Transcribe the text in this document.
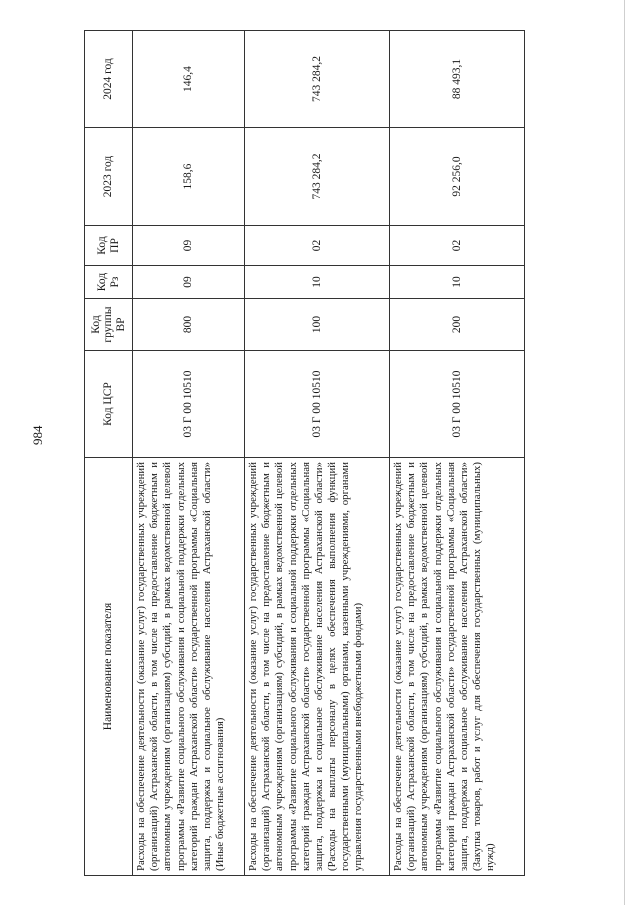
984
Наименование показателя	Код ЦСР	Код группы ВР	Код Рз	Код ПР	2023 год	2024 год
Расходы на обеспечение деятельности (оказание услуг) государственных учреждений (организаций) Астраханской области, в том числе на предоставление бюджетным и автономным учреждениям (организациям) субсидий, в рамках ведомственной целевой программы «Развитие социального обслуживания и социальной поддержки отдельных категорий граждан Астраханской области» государственной программы «Социальная защита, поддержка и социальное обслуживание населения Астраханской области» (Иные бюджетные ассигнования)	03 Г 00 10510	800	09	09	158,6	146,4
Расходы на обеспечение деятельности (оказание услуг) государственных учреждений (организаций) Астраханской области, в том числе на предоставление бюджетным и автономным учреждениям (организациям) субсидий, в рамках ведомственной целевой программы «Развитие социального обслуживания и социальной поддержки отдельных категорий граждан Астраханской области» государственной программы «Социальная защита, поддержка и социальное обслуживание населения Астраханской области» (Расходы на выплаты персоналу в целях обеспечения выполнения функций государственными (муниципальными) органами, казенными учреждениями, органами управления государственными внебюджетными фондами)	03 Г 00 10510	100	10	02	743 284,2	743 284,2
Расходы на обеспечение деятельности (оказание услуг) государственных учреждений (организаций) Астраханской области, в том числе на предоставление бюджетным и автономным учреждениям (организациям) субсидий, в рамках ведомственной целевой программы «Развитие социального обслуживания и социальной поддержки отдельных категорий граждан Астраханской области» государственной программы «Социальная защита, поддержка и социальное обслуживание населения Астраханской области» (Закупка товаров, работ и услуг для обеспечения государственных (муниципальных) нужд)	03 Г 00 10510	200	10	02	92 256,0	88 493,1
